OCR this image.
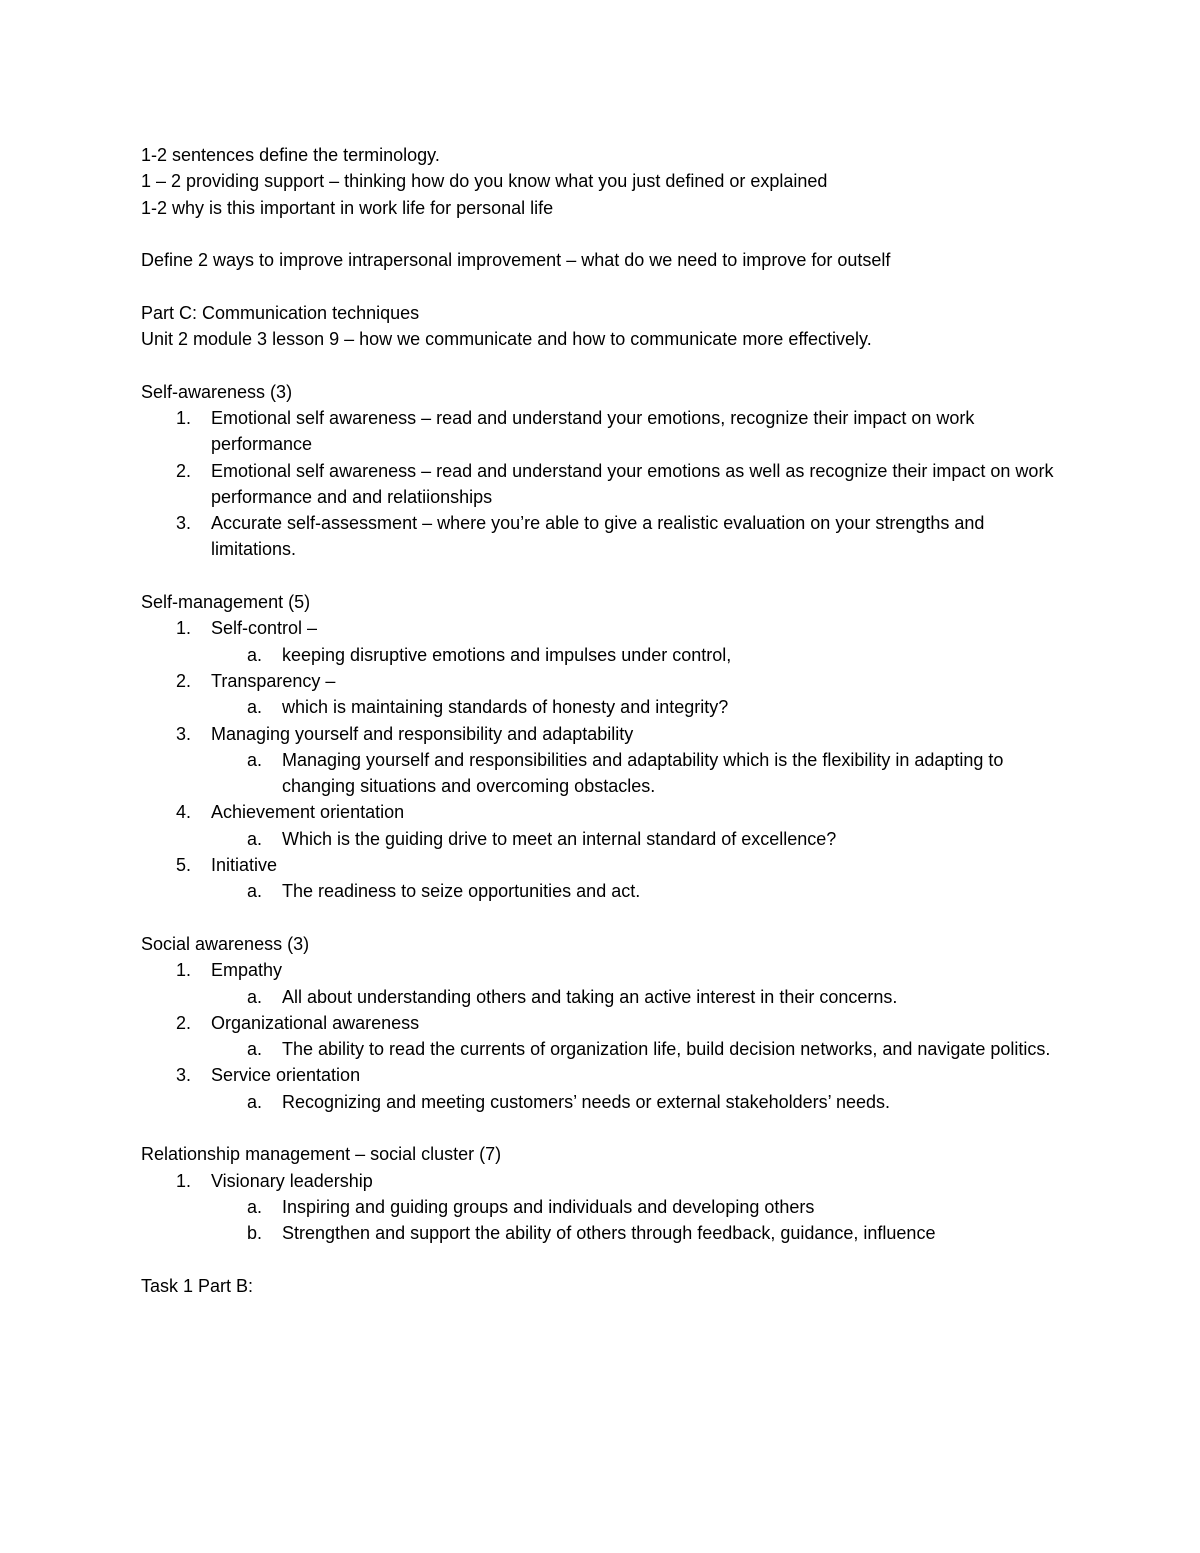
1-2 sentences define the terminology.
1 – 2 providing support – thinking how do you know what you just defined or explained
1-2 why is this important in work life for personal life
Define 2 ways to improve intrapersonal improvement – what do we need to improve for outself
Part C: Communication techniques
Unit 2 module 3 lesson 9 – how we communicate and how to communicate more effectively.
Self-awareness (3)
1.	Emotional self awareness – read and understand your emotions, recognize their impact on work performance
2.	Emotional self awareness – read and understand your emotions as well as recognize their impact on work performance and and relatiionships
3.	Accurate self-assessment – where you’re able to give a realistic evaluation on your strengths and limitations.
Self-management (5)
1.	Self-control –
a.	keeping disruptive emotions and impulses under control,
2.	Transparency –
a.	which is maintaining standards of honesty and integrity?
3.	Managing yourself and responsibility and adaptability
a.	Managing yourself and responsibilities and adaptability which is the flexibility in adapting to changing situations and overcoming obstacles.
4.	Achievement orientation
a.	Which is the guiding drive to meet an internal standard of excellence?
5.	Initiative
a.	The readiness to seize opportunities and act.
Social awareness (3)
1.	Empathy
a.	All about understanding others and taking an active interest in their concerns.
2.	Organizational awareness
a.	The ability to read the currents of organization life, build decision networks, and navigate politics.
3.	Service orientation
a.	Recognizing and meeting customers’ needs or external stakeholders’ needs.
Relationship management – social cluster (7)
1.	Visionary leadership
a.	Inspiring and guiding groups and individuals and developing others
b.	Strengthen and support the ability of others through feedback, guidance, influence
Task 1 Part B:
